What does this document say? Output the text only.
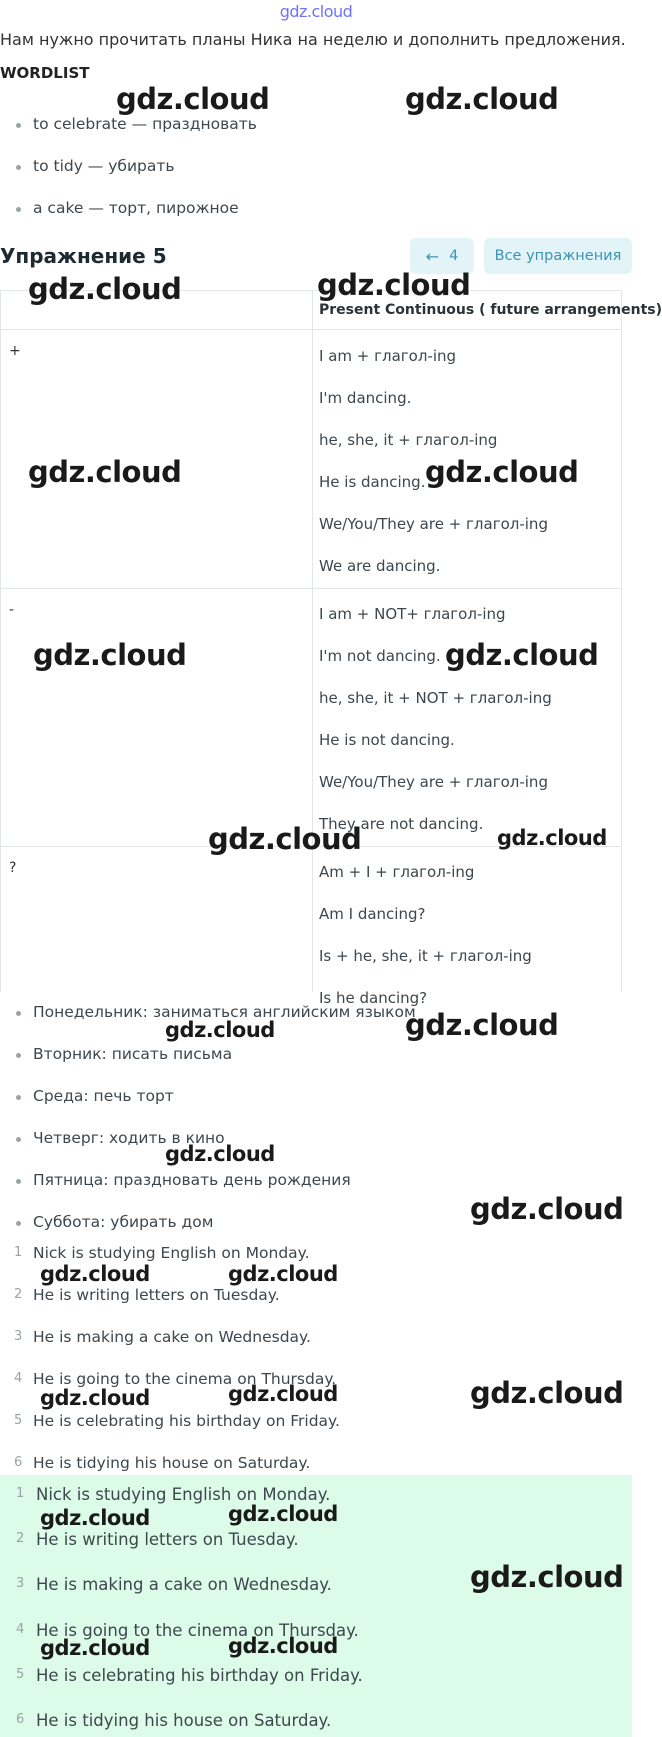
gdz.cloud
Нам нужно прочитать планы Ника на неделю и дополнить предложения.
WORDLIST
to celebrate — праздновать
to tidy — убирать
a cake — торт, пирожное
Упражнение 5	← 4	Все упражнения
Present Continuous ( future arrangements)
+	I am + глагол-ing
I'm dancing.
he, she, it + глагол-ing
He is dancing.
We/You/They are + глагол-ing
We are dancing.
-	I am + NOT+ глагол-ing
I'm not dancing.
he, she, it + NOT + глагол-ing
He is not dancing.
We/You/They are + глагол-ing
They are not dancing.
?	Am + I + глагол-ing
Am I dancing?
Is + he, she, it + глагол-ing
Is he dancing?
Понедельник: заниматься английским языком
Вторник: писать письма
Среда: печь торт
Четверг: ходить в кино
Пятница: праздновать день рождения
Суббота: убирать дом
1 Nick is studying English on Monday.
2 He is writing letters on Tuesday.
3 He is making a cake on Wednesday.
4 He is going to the cinema on Thursday.
5 He is celebrating his birthday on Friday.
6 He is tidying his house on Saturday.
1 Nick is studying English on Monday.
2 He is writing letters on Tuesday.
3 He is making a cake on Wednesday.
4 He is going to the cinema on Thursday.
5 He is celebrating his birthday on Friday.
6 He is tidying his house on Saturday.
gdz.cloud	gdz.cloud
gdz.cloud	gdz.cloud
gdz.cloud	gdz.cloud
gdz.cloud	gdz.cloud
gdz.cloud	gdz.cloud
gdz.cloud
gdz.cloud
gdz.cloud
gdz.cloud
gdz.cloud	gdz.cloud
gdz.cloud	gdz.cloud	gdz.cloud
gdz.cloud	gdz.cloud
gdz.cloud
gdz.cloud	gdz.cloud
